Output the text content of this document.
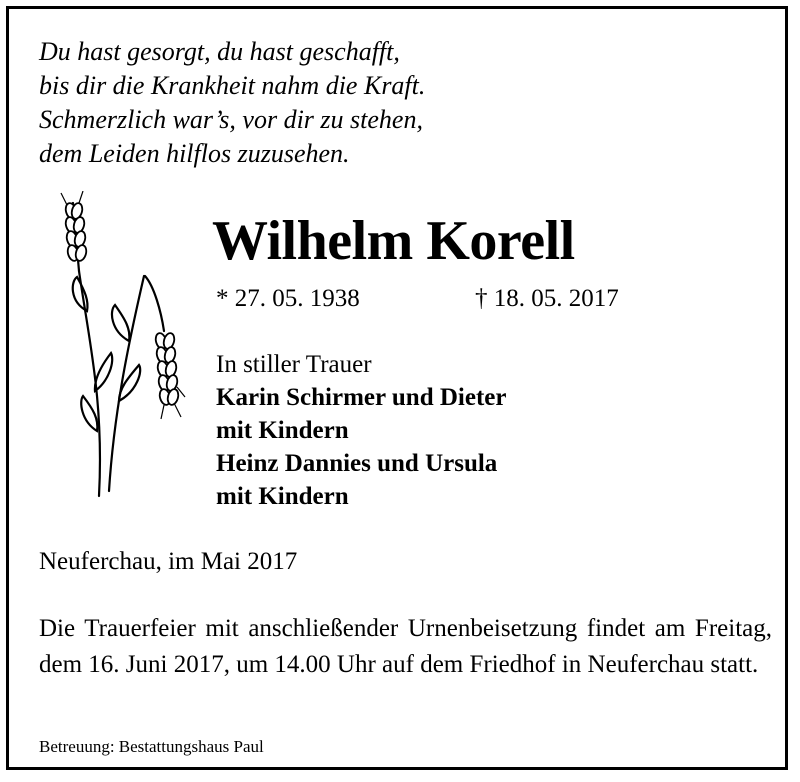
Du hast gesorgt, du hast geschafft,
bis dir die Krankheit nahm die Kraft.
Schmerzlich war’s, vor dir zu stehen,
dem Leiden hilflos zuzusehen.
Wilhelm Korell
* 27. 05. 1938	† 18. 05. 2017
In stiller Trauer
Karin Schirmer und Dieter
mit Kindern
Heinz Dannies und Ursula
mit Kindern
Neuferchau, im Mai 2017
Die Trauerfeier mit anschließender Urnenbeisetzung findet am Freitag, dem 16. Juni 2017, um 14.00 Uhr auf dem Friedhof in Neuferchau statt.
Betreuung: Bestattungshaus Paul
